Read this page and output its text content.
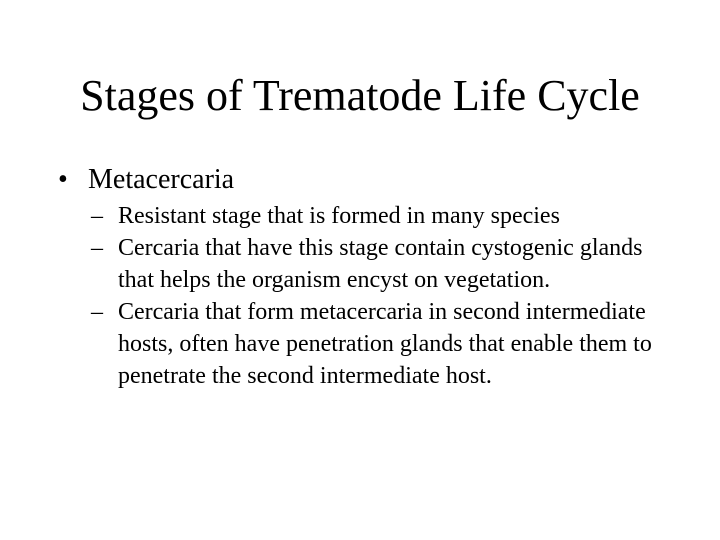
Stages of Trematode Life Cycle

• Metacercaria

– Resistant stage that is formed in many species
– Cercaria that have this stage contain cystogenic glands that helps the organism encyst on vegetation.
– Cercaria that form metacercaria in second intermediate hosts, often have penetration glands that enable them to penetrate the second intermediate host.
